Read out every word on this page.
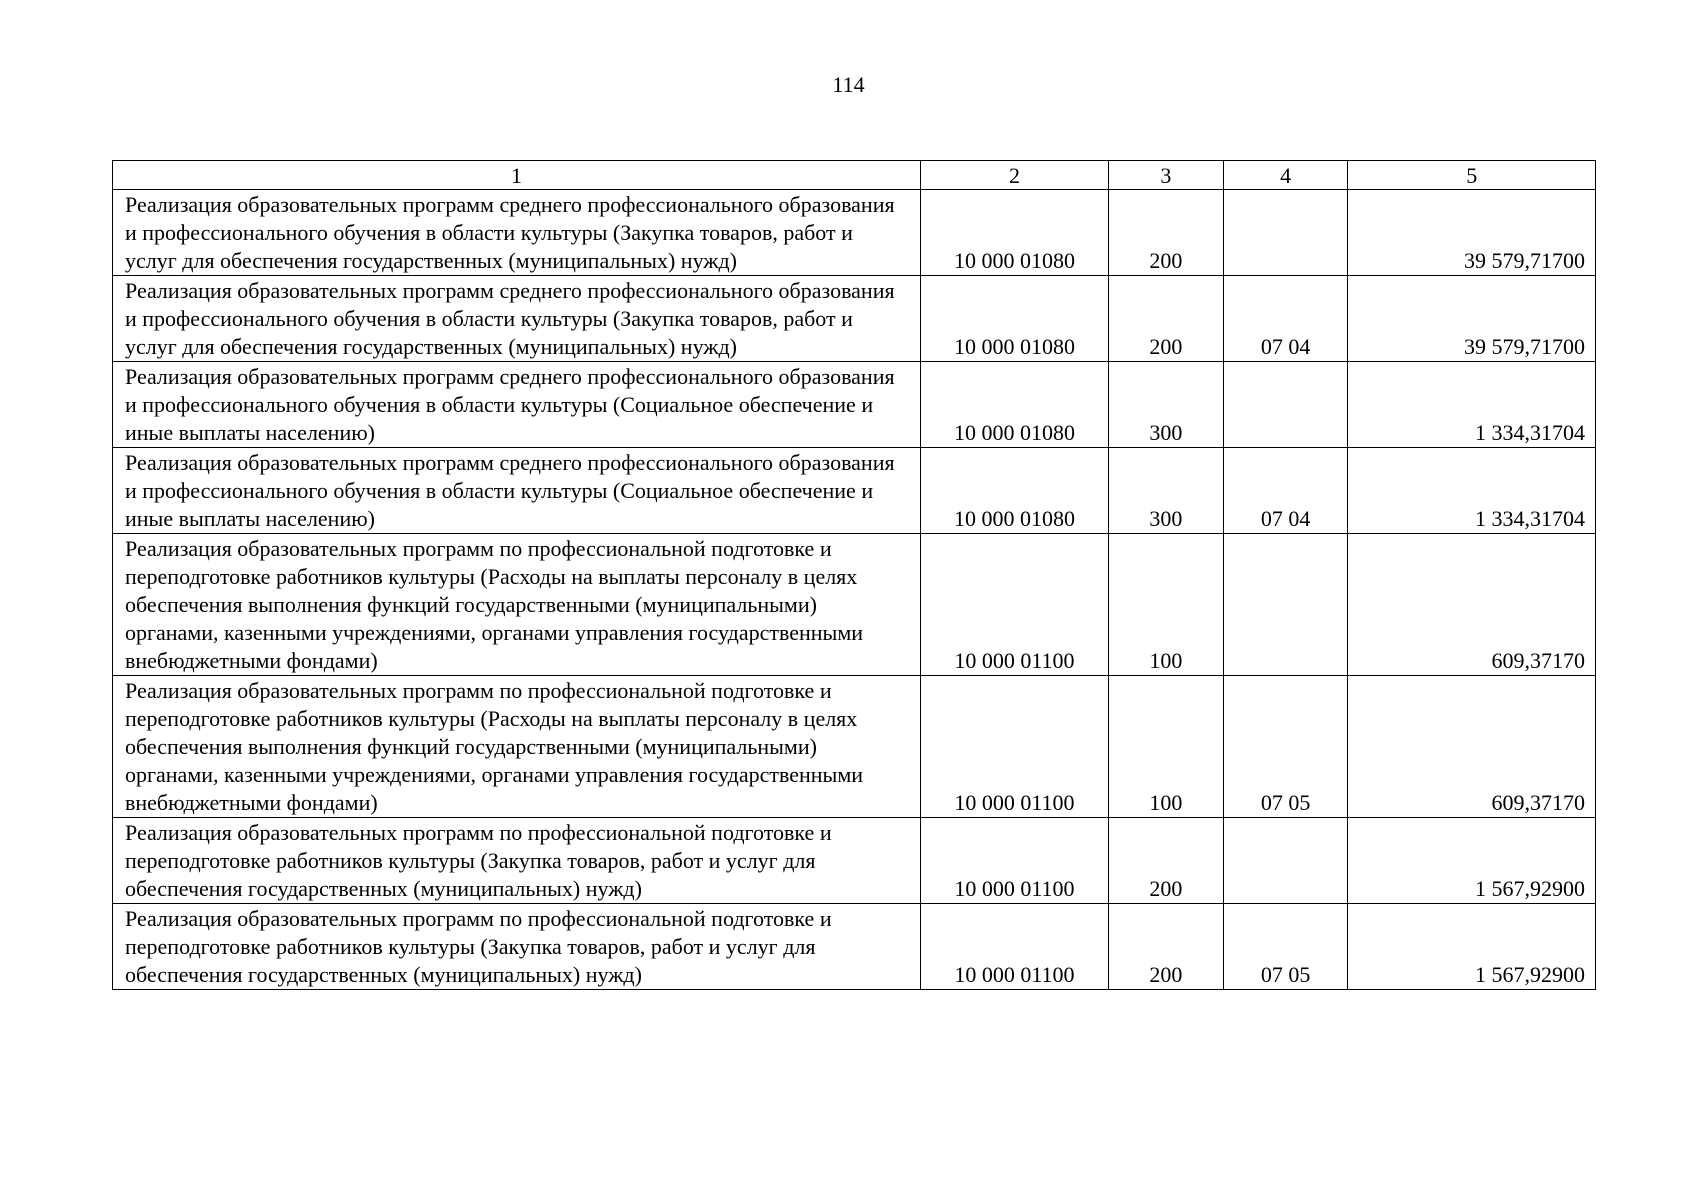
114
1	2	3	4	5
Реализация образовательных программ среднего профессионального образования и профессионального обучения в области культуры (Закупка товаров, работ и услуг для обеспечения государственных (муниципальных) нужд)	10 000 01080	200		39 579,71700
Реализация образовательных программ среднего профессионального образования и профессионального обучения в области культуры (Закупка товаров, работ и услуг для обеспечения государственных (муниципальных) нужд)	10 000 01080	200	07 04	39 579,71700
Реализация образовательных программ среднего профессионального образования и профессионального обучения в области культуры (Социальное обеспечение и иные выплаты населению)	10 000 01080	300		1 334,31704
Реализация образовательных программ среднего профессионального образования и профессионального обучения в области культуры (Социальное обеспечение и иные выплаты населению)	10 000 01080	300	07 04	1 334,31704
Реализация образовательных программ по профессиональной подготовке и переподготовке работников культуры (Расходы на выплаты персоналу в целях обеспечения выполнения функций государственными (муниципальными) органами, казенными учреждениями, органами управления государственными внебюджетными фондами)	10 000 01100	100		609,37170
Реализация образовательных программ по профессиональной подготовке и переподготовке работников культуры (Расходы на выплаты персоналу в целях обеспечения выполнения функций государственными (муниципальными) органами, казенными учреждениями, органами управления государственными внебюджетными фондами)	10 000 01100	100	07 05	609,37170
Реализация образовательных программ по профессиональной подготовке и переподготовке работников культуры (Закупка товаров, работ и услуг для обеспечения государственных (муниципальных) нужд)	10 000 01100	200		1 567,92900
Реализация образовательных программ по профессиональной подготовке и переподготовке работников культуры (Закупка товаров, работ и услуг для обеспечения государственных (муниципальных) нужд)	10 000 01100	200	07 05	1 567,92900
